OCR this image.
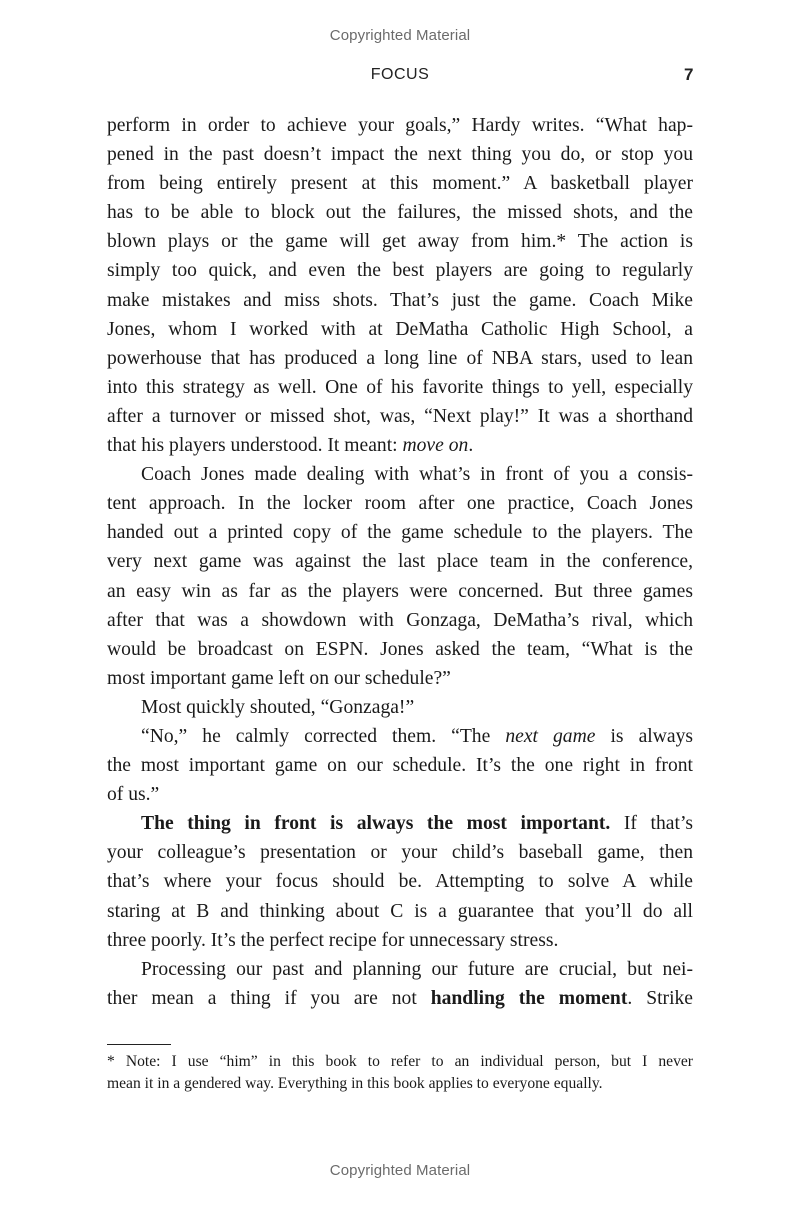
Copyrighted Material
FOCUS	7
perform in order to achieve your goals,” Hardy writes. “What hap-
pened in the past doesn’t impact the next thing you do, or stop you
from being entirely present at this moment.” A basketball player
has to be able to block out the failures, the missed shots, and the
blown plays or the game will get away from him.* The action is
simply too quick, and even the best players are going to regularly
make mistakes and miss shots. That’s just the game. Coach Mike
Jones, whom I worked with at DeMatha Catholic High School, a
powerhouse that has produced a long line of NBA stars, used to lean
into this strategy as well. One of his favorite things to yell, especially
after a turnover or missed shot, was, “Next play!” It was a shorthand
that his players understood. It meant: move on.
Coach Jones made dealing with what’s in front of you a consis-
tent approach. In the locker room after one practice, Coach Jones
handed out a printed copy of the game schedule to the players. The
very next game was against the last place team in the conference,
an easy win as far as the players were concerned. But three games
after that was a showdown with Gonzaga, DeMatha’s rival, which
would be broadcast on ESPN. Jones asked the team, “What is the
most important game left on our schedule?”
Most quickly shouted, “Gonzaga!”
“No,” he calmly corrected them. “The next game is always
the most important game on our schedule. It’s the one right in front
of us.”
The thing in front is always the most important. If that’s
your colleague’s presentation or your child’s baseball game, then
that’s where your focus should be. Attempting to solve A while
staring at B and thinking about C is a guarantee that you’ll do all
three poorly. It’s the perfect recipe for unnecessary stress.
Processing our past and planning our future are crucial, but nei-
ther mean a thing if you are not handling the moment. Strike
* Note: I use “him” in this book to refer to an individual person, but I never
mean it in a gendered way. Everything in this book applies to everyone equally.
Copyrighted Material
